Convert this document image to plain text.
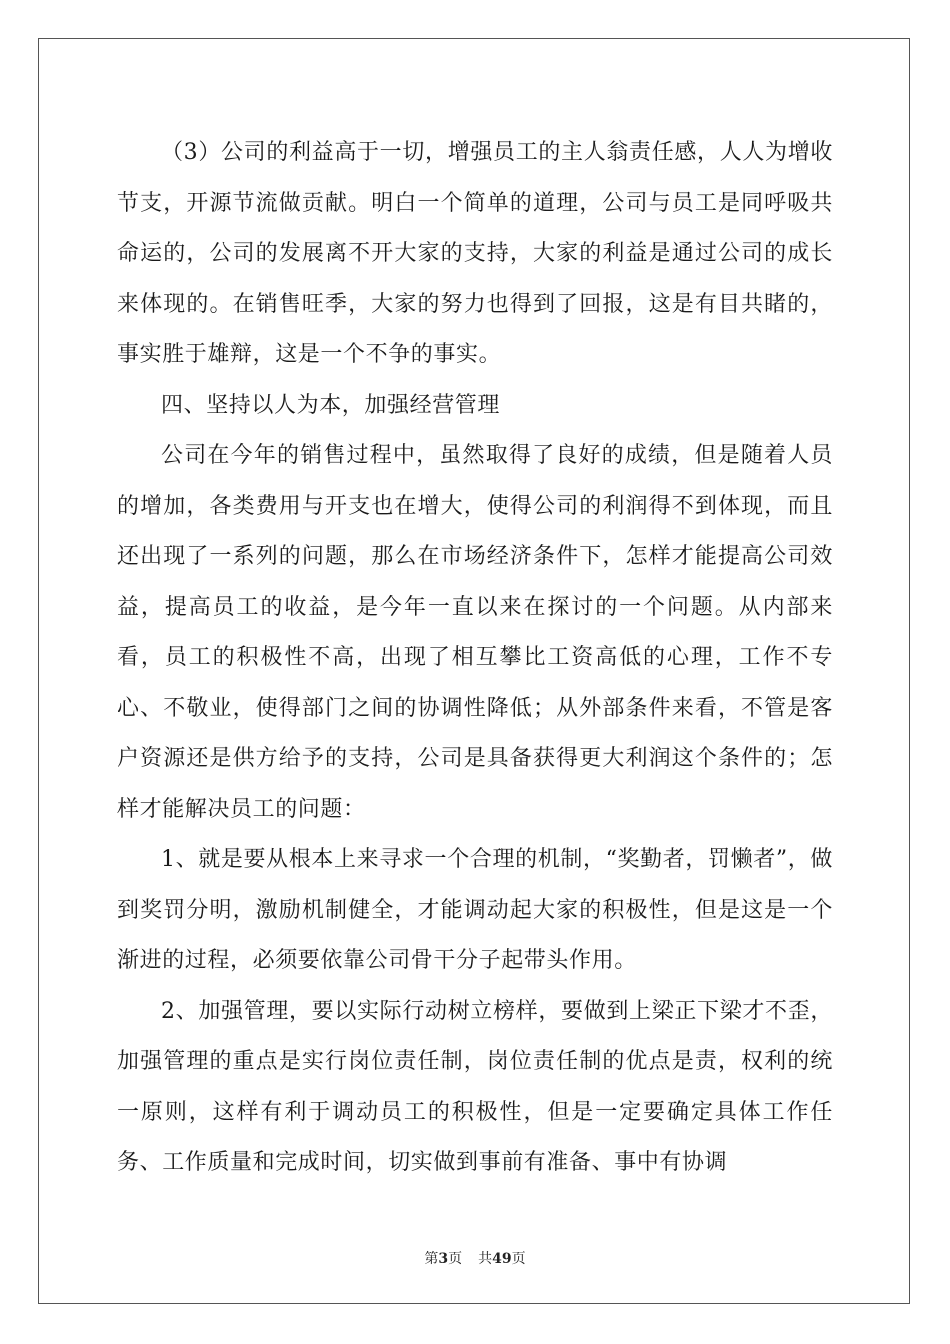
（3）公司的利益高于一切，增强员工的主人翁责任感，人人为增收节支，开源节流做贡献。明白一个简单的道理，公司与员工是同呼吸共命运的，公司的发展离不开大家的支持，大家的利益是通过公司的成长来体现的。在销售旺季，大家的努力也得到了回报，这是有目共睹的，事实胜于雄辩，这是一个不争的事实。

四、坚持以人为本，加强经营管理

公司在今年的销售过程中，虽然取得了良好的成绩，但是随着人员的增加，各类费用与开支也在增大，使得公司的利润得不到体现，而且还出现了一系列的问题，那么在市场经济条件下，怎样才能提高公司效益，提高员工的收益，是今年一直以来在探讨的一个问题。从内部来看，员工的积极性不高，出现了相互攀比工资高低的心理，工作不专心、不敬业，使得部门之间的协调性降低；从外部条件来看，不管是客户资源还是供方给予的支持，公司是具备获得更大利润这个条件的；怎样才能解决员工的问题：

1、就是要从根本上来寻求一个合理的机制，“奖勤者，罚懒者”，做到奖罚分明，激励机制健全，才能调动起大家的积极性，但是这是一个渐进的过程，必须要依靠公司骨干分子起带头作用。

2、加强管理，要以实际行动树立榜样，要做到上梁正下梁才不歪，加强管理的重点是实行岗位责任制，岗位责任制的优点是责，权利的统一原则，这样有利于调动员工的积极性，但是一定要确定具体工作任务、工作质量和完成时间，切实做到事前有准备、事中有协调

第3页 共49页
